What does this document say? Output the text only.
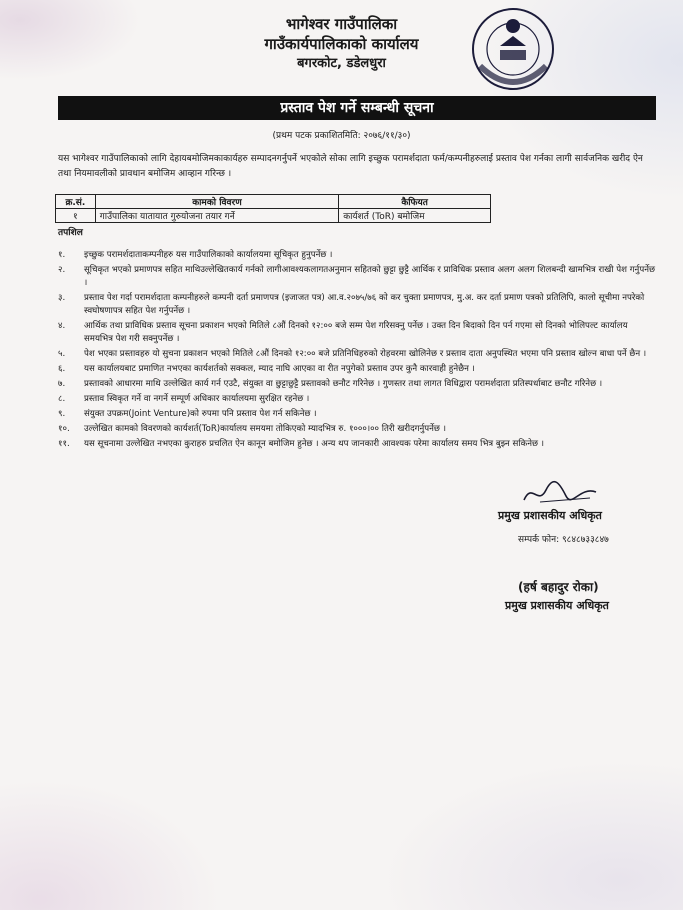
भागेश्वर गाउँपालिका
गाउँकार्यपालिकाको कार्यालय
बगरकोट, डडेलधुरा
प्रस्ताव पेश गर्ने सम्बन्धी सूचना
(प्रथम पटक प्रकाशितमिति: २०७६/११/३०)
यस भागेश्वर गाउँपालिकाको लागि देहायबमोजिमकाकार्यहरु सम्पादनगर्नुपर्ने भएकोले सोका लागि इच्छुक परामर्शदाता फर्म/कम्पनीहरुलाई प्रस्ताव पेश गर्नका लागी सार्वजनिक खरीद ऐन तथा नियमावलीको प्रावधान बमोजिम आव्हान गरिन्छ ।
क्र.सं.	कामको विवरण	कैफियत
१	गाउँपालिका यातायात गुरुयोजना तयार गर्ने	कार्यशर्त (ToR) बमोजिम
तपशिल
१.	इच्छुक परामर्शदाताकम्पनीहरु यस गाउँपालिकाको कार्यालयमा सूचिकृत हुनुपर्नेछ ।
२.	सूचिकृत भएको प्रमाणपत्र सहित माथिउल्लेखितकार्य गर्नको लागीआवश्यकलागतअनुमान सहितको छुट्टा छुट्टै आर्थिक र प्राविधिक प्रस्ताव अलग अलग शिलबन्दी खामभित्र राखी पेश गर्नुपर्नेछ ।
३.	प्रस्ताव पेश गर्दा परामर्शदाता कम्पनीहरुले कम्पनी दर्ता प्रमाणपत्र (इजाजत पत्र) आ.व.२०७५/७६ को कर चुक्ता प्रमाणपत्र, मु.अ. कर दर्ता प्रमाण पत्रको प्रतिलिपि, कालो सूचीमा नपरेको स्वघोषणापत्र सहित पेश गर्नुपर्नेछ ।
४.	आर्थिक तथा प्राविधिक प्रस्ताव सूचना प्रकाशन भएको मितिले ८औं दिनको १२:०० बजे सम्म पेश गरिसक्नु पर्नेछ । उक्त दिन बिदाको दिन पर्न गएमा सो दिनको भोलिपल्ट कार्यालय समयभित्र पेश गरी सक्नुपर्नेछ ।
५.	पेश भएका प्रस्तावहरु यो सुचना प्रकाशन भएको मितिले ८औं दिनको १२:०० बजे प्रतिनिधिहरुको रोहवरमा खोलिनेछ र प्रस्ताव दाता अनुपस्थित भएमा पनि प्रस्ताव खोल्न बाधा पर्ने छैन ।
६.	यस कार्यालयबाट प्रमाणित नभएका कार्यशर्तको सक्कल, म्याद नाघि आएका वा रीत नपुगेको प्रस्ताव उपर कुनै कारवाही हुनेछैन ।
७.	प्रस्तावको आधारमा माथि उल्लेखित कार्य गर्न एउटै, संयुक्त वा छुट्टाछुट्टै प्रस्तावको छनौट गरिनेछ । गुणस्तर तथा लागत विधिद्वारा परामर्शदाता प्रतिस्पर्धाबाट छनौट गरिनेछ ।
८.	प्रस्ताव स्विकृत गर्ने वा नगर्ने सम्पूर्ण अधिकार कार्यालयमा सुरक्षित रहनेछ ।
९.	संयुक्त उपक्रम(Joint Venture)को रुपमा पनि प्रस्ताव पेश गर्न सकिनेछ ।
१०.	उल्लेखित कामको विवरणको कार्यशर्त(ToR)कार्यालय समयमा तोकिएको म्यादभित्र रु. १०००।०० तिरी खरीदगर्नुपर्नेछ ।
११.	यस सूचनामा उल्लेखित नभएका कुराहरु प्रचलित ऐन कानून बमोजिम हुनेछ । अन्य थप जानकारी आवश्यक परेमा कार्यालय समय भित्र बुझ्न सकिनेछ ।
प्रमुख प्रशासकीय अधिकृत
सम्पर्क फोन: ९८४८७३३८४७
(हर्ष बहादुर रोका)
प्रमुख प्रशासकीय अधिकृत
